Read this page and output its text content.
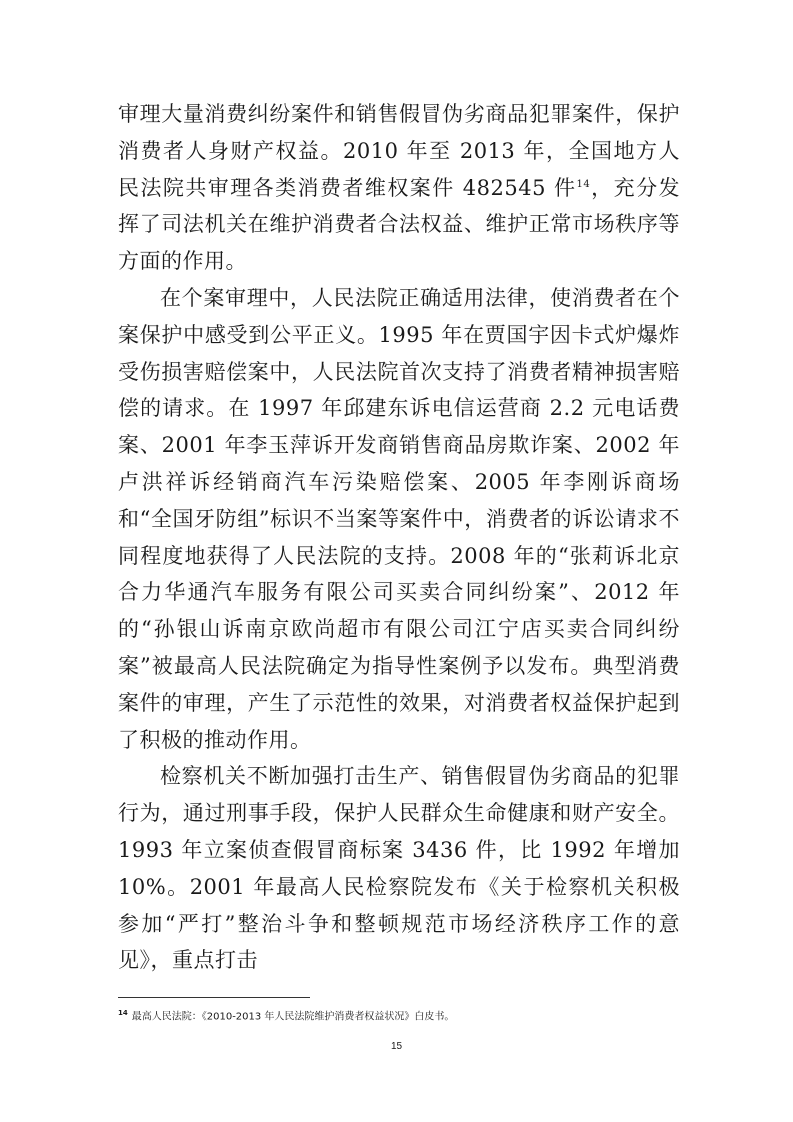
审理大量消费纠纷案件和销售假冒伪劣商品犯罪案件，保护消费者人身财产权益。2010 年至 2013 年，全国地方人民法院共审理各类消费者维权案件 482545 件$^{14}$，充分发挥了司法机关在维护消费者合法权益、维护正常市场秩序等方面的作用。

在个案审理中，人民法院正确适用法律，使消费者在个案保护中感受到公平正义。1995 年在贾国宇因卡式炉爆炸受伤损害赔偿案中，人民法院首次支持了消费者精神损害赔偿的请求。在 1997 年邱建东诉电信运营商 2.2 元电话费案、2001 年李玉萍诉开发商销售商品房欺诈案、2002 年卢洪祥诉经销商汽车污染赔偿案、2005 年李刚诉商场和“全国牙防组”标识不当案等案件中，消费者的诉讼请求不同程度地获得了人民法院的支持。2008 年的“张莉诉北京合力华通汽车服务有限公司买卖合同纠纷案”、2012 年的“孙银山诉南京欧尚超市有限公司江宁店买卖合同纠纷案”被最高人民法院确定为指导性案例予以发布。典型消费案件的审理，产生了示范性的效果，对消费者权益保护起到了积极的推动作用。

检察机关不断加强打击生产、销售假冒伪劣商品的犯罪行为，通过刑事手段，保护人民群众生命健康和财产安全。1993 年立案侦查假冒商标案 3436 件，比 1992 年增加 10%。2001 年最高人民检察院发布《关于检察机关积极参加“严打”整治斗争和整顿规范市场经济秩序工作的意见》，重点打击

$^{14}$ 最高人民法院：《2010-2013 年人民法院维护消费者权益状况》白皮书。
15
